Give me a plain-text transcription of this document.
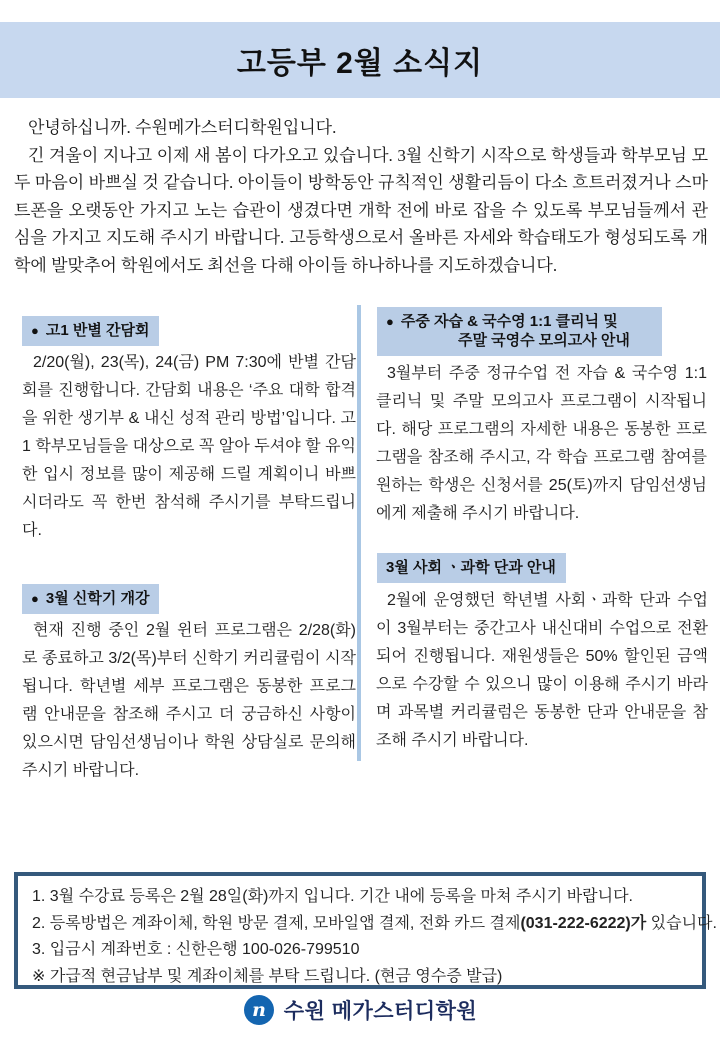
고등부 2월 소식지

안녕하십니까. 수원메가스터디학원입니다.

긴 겨울이 지나고 이제 새 봄이 다가오고 있습니다. 3월 신학기 시작으로 학생들과 학부모님 모두 마음이 바쁘실 것 같습니다. 아이들이 방학동안 규칙적인 생활리듬이 다소 흐트러졌거나 스마트폰을 오랫동안 가지고 노는 습관이 생겼다면 개학 전에 바로 잡을 수 있도록 부모님들께서 관심을 가지고 지도해 주시기 바랍니다. 고등학생으로서 올바른 자세와 학습태도가 형성되도록 개학에 발맞추어 학원에서도 최선을 다해 아이들 하나하나를 지도하겠습니다.

● 고1 반별 간담회

2/20(월), 23(목), 24(금) PM 7:30에 반별 간담회를 진행합니다. 간담회 내용은 ‘주요 대학 합격을 위한 생기부 & 내신 성적 관리 방법’입니다. 고1 학부모님들을 대상으로 꼭 알아 두셔야 할 유익한 입시 정보를 많이 제공해 드릴 계획이니 바쁘시더라도 꼭 한번 참석해 주시기를 부탁드립니다.

● 3월 신학기 개강

현재 진행 중인 2월 윈터 프로그램은 2/28(화)로 종료하고 3/2(목)부터 신학기 커리큘럼이 시작됩니다. 학년별 세부 프로그램은 동봉한 프로그램 안내문을 참조해 주시고 더 궁금하신 사항이 있으시면 담임선생님이나 학원 상담실로 문의해 주시기 바랍니다.

● 주중 자습 & 국수영 1:1 클리닉 및
주말 국영수 모의고사 안내

3월부터 주중 정규수업 전 자습 & 국수영 1:1 클리닉 및 주말 모의고사 프로그램이 시작됩니다. 해당 프로그램의 자세한 내용은 동봉한 프로그램을 참조해 주시고, 각 학습 프로그램 참여를 원하는 학생은 신청서를 25(토)까지 담임선생님에게 제출해 주시기 바랍니다.

3월 사회 ㆍ과학 단과 안내

2월에 운영했던 학년별 사회ㆍ과학 단과 수업이 3월부터는 중간고사 내신대비 수업으로 전환되어 진행됩니다. 재원생들은 50% 할인된 금액으로 수강할 수 있으니 많이 이용해 주시기 바라며 과목별 커리큘럼은 동봉한 단과 안내문을 참조해 주시기 바랍니다.

1. 3월 수강료 등록은 2월 28일(화)까지 입니다. 기간 내에 등록을 마쳐 주시기 바랍니다.

2. 등록방법은 계좌이체, 학원 방문 결제, 모바일앱 결제, 전화 카드 결제(031-222-6222)가 있습니다.

3. 입금시 계좌번호 : 신한은행 100-026-799510

※ 가급적 현금납부 및 계좌이체를 부탁 드립니다. (현금 영수증 발급)

n 수원 메가스터디학원
